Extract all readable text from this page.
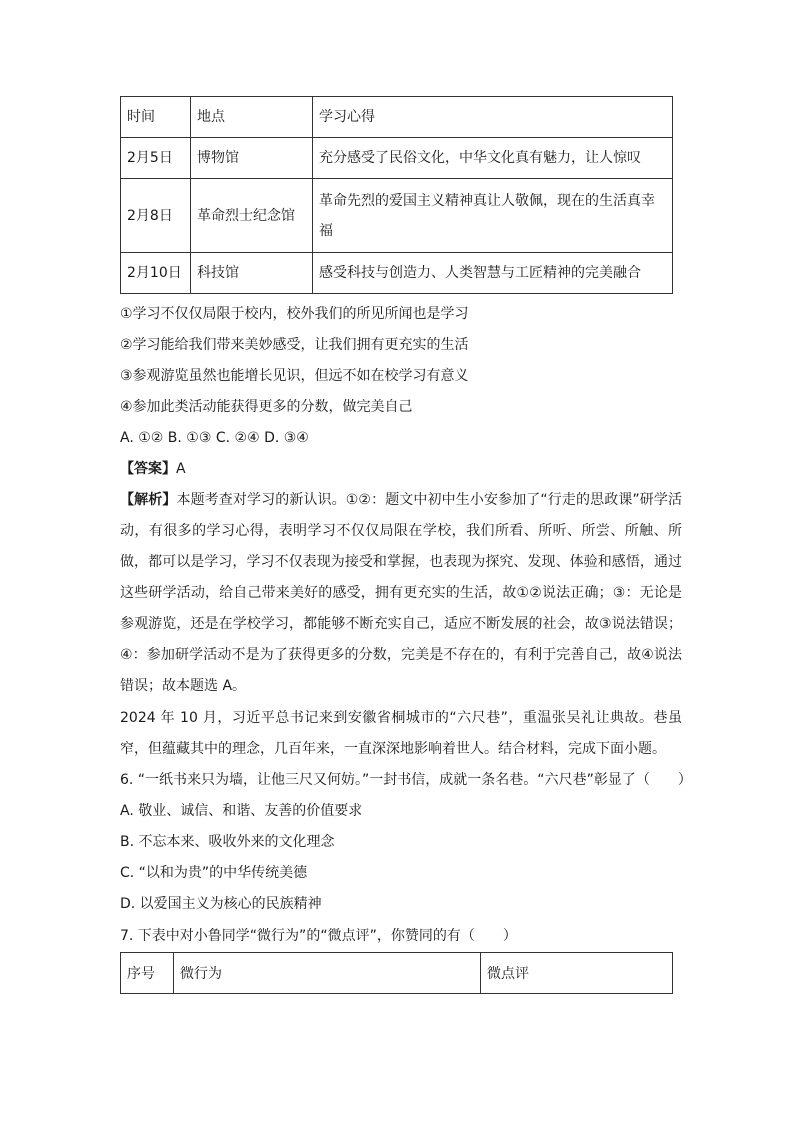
时间	地点	学习心得
2月5日	博物馆	充分感受了民俗文化，中华文化真有魅力，让人惊叹
2月8日	革命烈士纪念馆	革命先烈的爱国主义精神真让人敬佩，现在的生活真幸福
2月10日	科技馆	感受科技与创造力、人类智慧与工匠精神的完美融合
①学习不仅仅局限于校内，校外我们的所见所闻也是学习
②学习能给我们带来美妙感受，让我们拥有更充实的生活
③参观游览虽然也能增长见识，但远不如在校学习有意义
④参加此类活动能获得更多的分数，做完美自己
A. ①② B. ①③ C. ②④ D. ③④
【答案】A
【解析】本题考查对学习的新认识。①②：题文中初中生小安参加了“行走的思政课”研学活动，有很多的学习心得，表明学习不仅仅局限在学校，我们所看、所听、所尝、所触、所做，都可以是学习，学习不仅表现为接受和掌握，也表现为探究、发现、体验和感悟，通过这些研学活动，给自己带来美好的感受，拥有更充实的生活，故①②说法正确；③：无论是参观游览，还是在学校学习，都能够不断充实自己，适应不断发展的社会，故③说法错误；④：参加研学活动不是为了获得更多的分数，完美是不存在的，有利于完善自己，故④说法错误；故本题选 A。
2024 年 10 月，习近平总书记来到安徽省桐城市的“六尺巷”，重温张吴礼让典故。巷虽窄，但蕴藏其中的理念，几百年来，一直深深地影响着世人。结合材料，完成下面小题。
6. “一纸书来只为墙，让他三尺又何妨。”一封书信，成就一条名巷。“六尺巷”彰显了（　　）
A. 敬业、诚信、和谐、友善的价值要求
B. 不忘本来、吸收外来的文化理念
C. “以和为贵”的中华传统美德
D. 以爱国主义为核心的民族精神
7. 下表中对小鲁同学“微行为”的“微点评”，你赞同的有（　　）
序号	微行为	微点评
